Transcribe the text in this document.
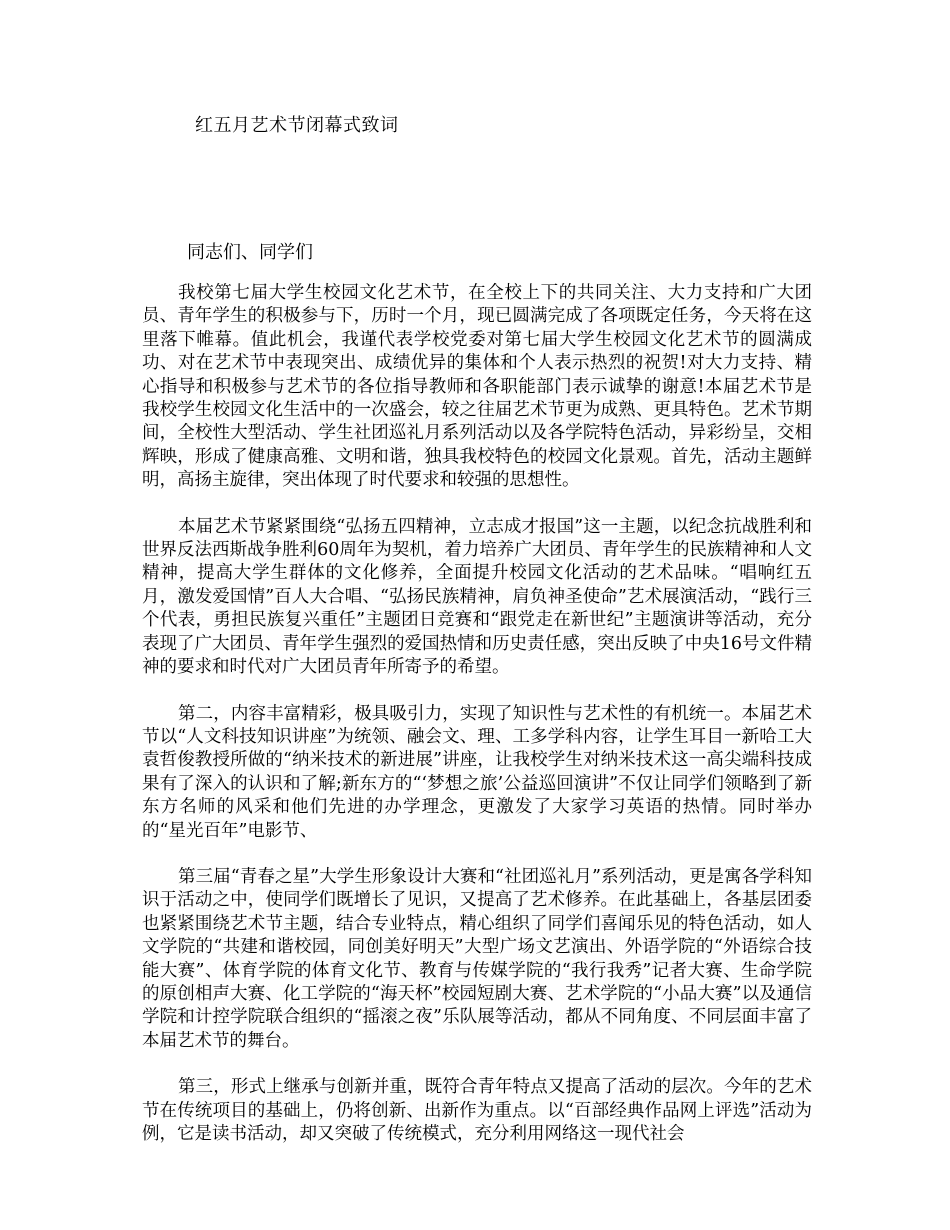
红五月艺术节闭幕式致词

同志们、同学们

我校第七届大学生校园文化艺术节，在全校上下的共同关注、大力支持和广大团员、青年学生的积极参与下，历时一个月，现已圆满完成了各项既定任务，今天将在这里落下帷幕。值此机会，我谨代表学校党委对第七届大学生校园文化艺术节的圆满成功、对在艺术节中表现突出、成绩优异的集体和个人表示热烈的祝贺!对大力支持、精心指导和积极参与艺术节的各位指导教师和各职能部门表示诚挚的谢意!本届艺术节是我校学生校园文化生活中的一次盛会，较之往届艺术节更为成熟、更具特色。艺术节期间，全校性大型活动、学生社团巡礼月系列活动以及各学院特色活动，异彩纷呈，交相辉映，形成了健康高雅、文明和谐，独具我校特色的校园文化景观。首先，活动主题鲜明，高扬主旋律，突出体现了时代要求和较强的思想性。

本届艺术节紧紧围绕“弘扬五四精神，立志成才报国”这一主题，以纪念抗战胜利和世界反法西斯战争胜利60周年为契机，着力培养广大团员、青年学生的民族精神和人文精神，提高大学生群体的文化修养，全面提升校园文化活动的艺术品味。“唱响红五月，激发爱国情”百人大合唱、“弘扬民族精神，肩负神圣使命”艺术展演活动，“践行三个代表，勇担民族复兴重任”主题团日竞赛和“跟党走在新世纪”主题演讲等活动，充分表现了广大团员、青年学生强烈的爱国热情和历史责任感，突出反映了中央16号文件精神的要求和时代对广大团员青年所寄予的希望。

第二，内容丰富精彩，极具吸引力，实现了知识性与艺术性的有机统一。本届艺术节以“人文科技知识讲座”为统领、融会文、理、工多学科内容，让学生耳目一新哈工大袁哲俊教授所做的“纳米技术的新进展”讲座，让我校学生对纳米技术这一高尖端科技成果有了深入的认识和了解;新东方的“‘梦想之旅’公益巡回演讲”不仅让同学们领略到了新东方名师的风采和他们先进的办学理念，更激发了大家学习英语的热情。同时举办的“星光百年”电影节、

第三届“青春之星”大学生形象设计大赛和“社团巡礼月”系列活动，更是寓各学科知识于活动之中，使同学们既增长了见识，又提高了艺术修养。在此基础上，各基层团委也紧紧围绕艺术节主题，结合专业特点，精心组织了同学们喜闻乐见的特色活动，如人文学院的“共建和谐校园，同创美好明天”大型广场文艺演出、外语学院的“外语综合技能大赛”、体育学院的体育文化节、教育与传媒学院的“我行我秀”记者大赛、生命学院的原创相声大赛、化工学院的“海天杯”校园短剧大赛、艺术学院的“小品大赛”以及通信学院和计控学院联合组织的“摇滚之夜”乐队展等活动，都从不同角度、不同层面丰富了本届艺术节的舞台。

第三，形式上继承与创新并重，既符合青年特点又提高了活动的层次。今年的艺术节在传统项目的基础上，仍将创新、出新作为重点。以“百部经典作品网上评选”活动为例，它是读书活动，却又突破了传统模式，充分利用网络这一现代社会
